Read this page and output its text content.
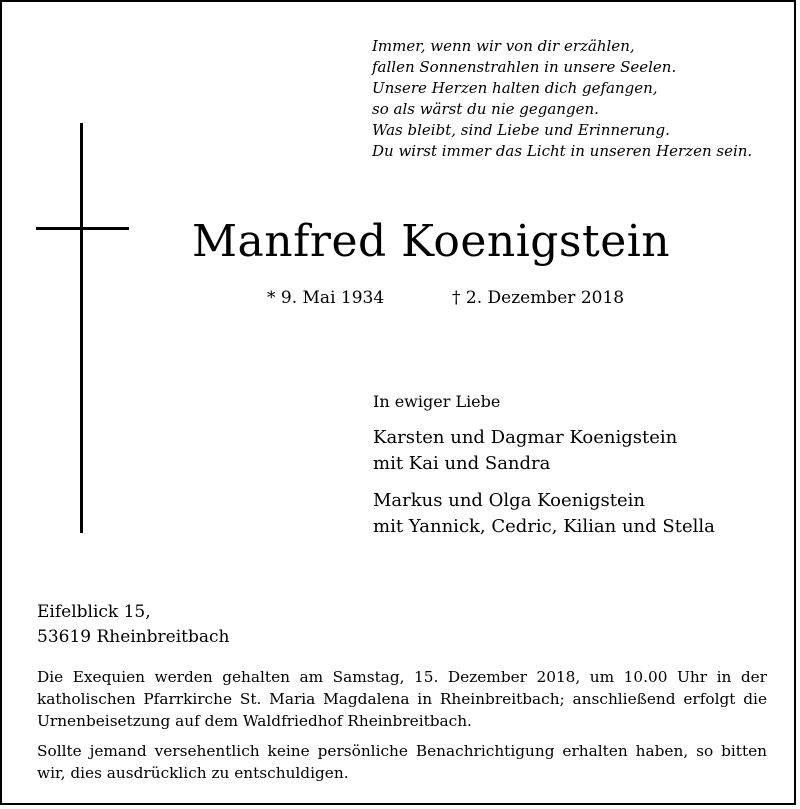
Immer, wenn wir von dir erzählen,
fallen Sonnenstrahlen in unsere Seelen.
Unsere Herzen halten dich gefangen,
so als wärst du nie gegangen.
Was bleibt, sind Liebe und Erinnerung.
Du wirst immer das Licht in unseren Herzen sein.
Manfred Koenigstein
* 9. Mai 1934	† 2. Dezember 2018
In ewiger Liebe
Karsten und Dagmar Koenigstein
mit Kai und Sandra
Markus und Olga Koenigstein
mit Yannick, Cedric, Kilian und Stella
Eifelblick 15,
53619 Rheinbreitbach
Die Exequien werden gehalten am Samstag, 15. Dezember 2018, um 10.00 Uhr in der katholischen Pfarrkirche St. Maria Magdalena in Rheinbreitbach; anschließend erfolgt die Urnenbeisetzung auf dem Waldfriedhof Rheinbreitbach.
Sollte jemand versehentlich keine persönliche Benachrichtigung erhalten haben, so bitten wir, dies ausdrücklich zu entschuldigen.
